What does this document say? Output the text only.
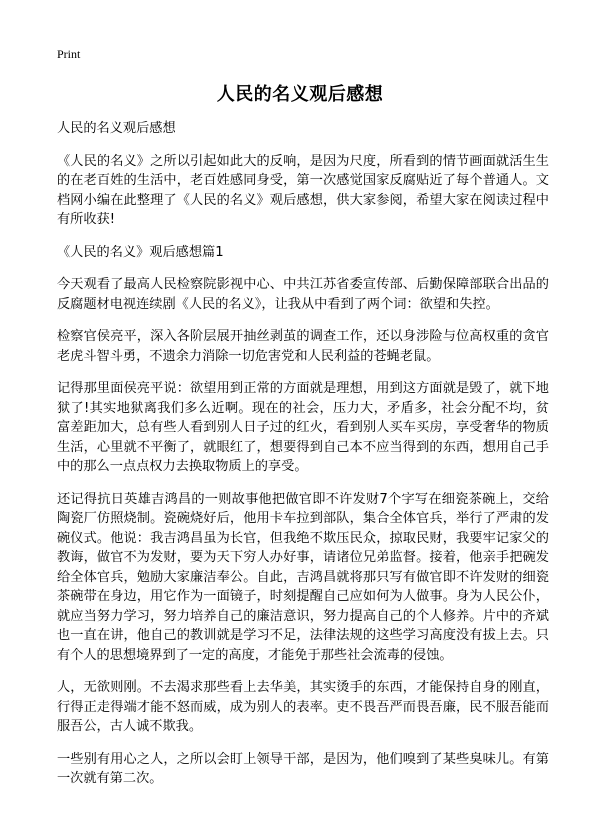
Print
人民的名义观后感想

人民的名义观后感想

《人民的名义》之所以引起如此大的反响，是因为尺度，所看到的情节画面就活生生的在老百姓的生活中，老百姓感同身受，第一次感觉国家反腐贴近了每个普通人。文档网小编在此整理了《人民的名义》观后感想，供大家参阅，希望大家在阅读过程中有所收获!

《人民的名义》观后感想篇1

今天观看了最高人民检察院影视中心、中共江苏省委宣传部、后勤保障部联合出品的反腐题材电视连续剧《人民的名义》，让我从中看到了两个词：欲望和失控。

检察官侯亮平，深入各阶层展开抽丝剥茧的调查工作，还以身涉险与位高权重的贪官老虎斗智斗勇，不遗余力消除一切危害党和人民利益的苍蝇老鼠。

记得那里面侯亮平说：欲望用到正常的方面就是理想，用到这方面就是毁了，就下地狱了!其实地狱离我们多么近啊。现在的社会，压力大，矛盾多，社会分配不均，贫富差距加大，总有些人看到别人日子过的红火，看到别人买车买房，享受奢华的物质生活，心里就不平衡了，就眼红了，想要得到自己本不应当得到的东西，想用自己手中的那么一点点权力去换取物质上的享受。

还记得抗日英雄吉鸿昌的一则故事他把做官即不许发财7个字写在细瓷茶碗上，交给陶瓷厂仿照烧制。瓷碗烧好后，他用卡车拉到部队，集合全体官兵，举行了严肃的发碗仪式。他说：我吉鸿昌虽为长官，但我绝不欺压民众，掠取民财，我要牢记家父的教诲，做官不为发财，要为天下穷人办好事，请诸位兄弟监督。接着，他亲手把碗发给全体官兵，勉励大家廉洁奉公。自此，吉鸿昌就将那只写有做官即不许发财的细瓷茶碗带在身边，用它作为一面镜子，时刻提醒自己应如何为人做事。身为人民公仆，就应当努力学习，努力培养自己的廉洁意识，努力提高自己的个人修养。片中的齐斌也一直在讲，他自己的教训就是学习不足，法律法规的这些学习高度没有拔上去。只有个人的思想境界到了一定的高度，才能免于那些社会流毒的侵蚀。

人，无欲则刚。不去渴求那些看上去华美，其实烫手的东西，才能保持自身的刚直，行得正走得端才能不怒而威，成为别人的表率。吏不畏吾严而畏吾廉，民不服吾能而服吾公，古人诚不欺我。

一些别有用心之人，之所以会盯上领导干部，是因为，他们嗅到了某些臭味儿。有第一次就有第二次。
